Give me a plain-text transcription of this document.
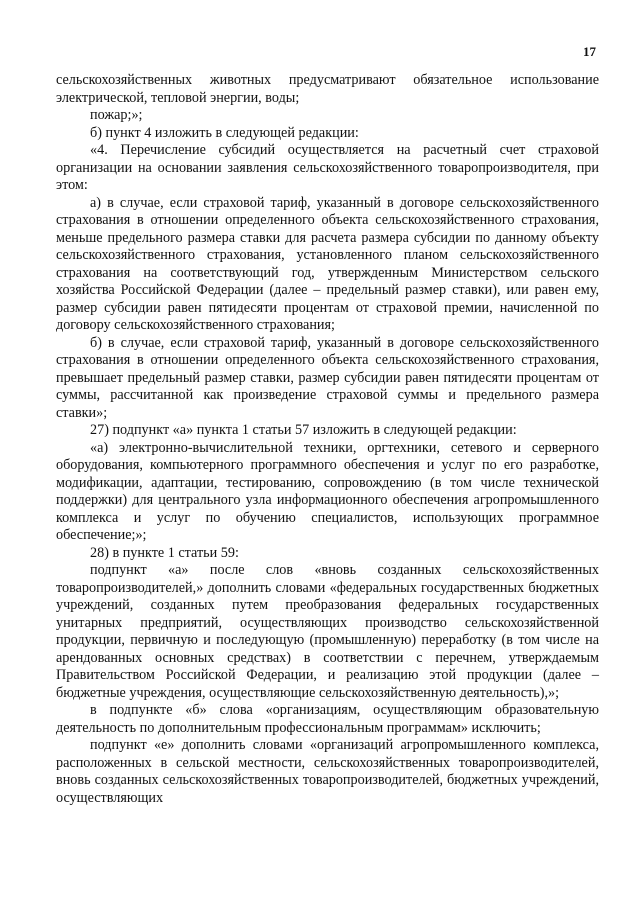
17

сельскохозяйственных животных предусматривают обязательное использование электрической, тепловой энергии, воды;

пожар;»;

б) пункт 4 изложить в следующей редакции:

«4. Перечисление субсидий осуществляется на расчетный счет страховой организации на основании заявления сельскохозяйственного товаропроизводителя, при этом:

а) в случае, если страховой тариф, указанный в договоре сельскохозяйственного страхования в отношении определенного объекта сельскохозяйственного страхования, меньше предельного размера ставки для расчета размера субсидии по данному объекту сельскохозяйственного страхования, установленного планом сельскохозяйственного страхования на соответствующий год, утвержденным Министерством сельского хозяйства Российской Федерации (далее – предельный размер ставки), или равен ему, размер субсидии равен пятидесяти процентам от страховой премии, начисленной по договору сельскохозяйственного страхования;

б) в случае, если страховой тариф, указанный в договоре сельскохозяйственного страхования в отношении определенного объекта сельскохозяйственного страхования, превышает предельный размер ставки, размер субсидии равен пятидесяти процентам от суммы, рассчитанной как произведение страховой суммы и предельного размера ставки»;

27) подпункт «а» пункта 1 статьи 57 изложить в следующей редакции:

«а) электронно-вычислительной техники, оргтехники, сетевого и серверного оборудования, компьютерного программного обеспечения и услуг по его разработке, модификации, адаптации, тестированию, сопровождению (в том числе технической поддержки) для центрального узла информационного обеспечения агропромышленного комплекса и услуг по обучению специалистов, использующих программное обеспечение;»;

28) в пункте 1 статьи 59:

подпункт «а» после слов «вновь созданных сельскохозяйственных товаропроизводителей,» дополнить словами «федеральных государственных бюджетных учреждений, созданных путем преобразования федеральных государственных унитарных предприятий, осуществляющих производство сельскохозяйственной продукции, первичную и последующую (промышленную) переработку (в том числе на арендованных основных средствах) в соответствии с перечнем, утверждаемым Правительством Российской Федерации, и реализацию этой продукции (далее – бюджетные учреждения, осуществляющие сельскохозяйственную деятельность),»;

в подпункте «б» слова «организациям, осуществляющим образовательную деятельность по дополнительным профессиональным программам» исключить;

подпункт «е» дополнить словами «организаций агропромышленного комплекса, расположенных в сельской местности, сельскохозяйственных товаропроизводителей, вновь созданных сельскохозяйственных товаропроизводителей, бюджетных учреждений, осуществляющих
